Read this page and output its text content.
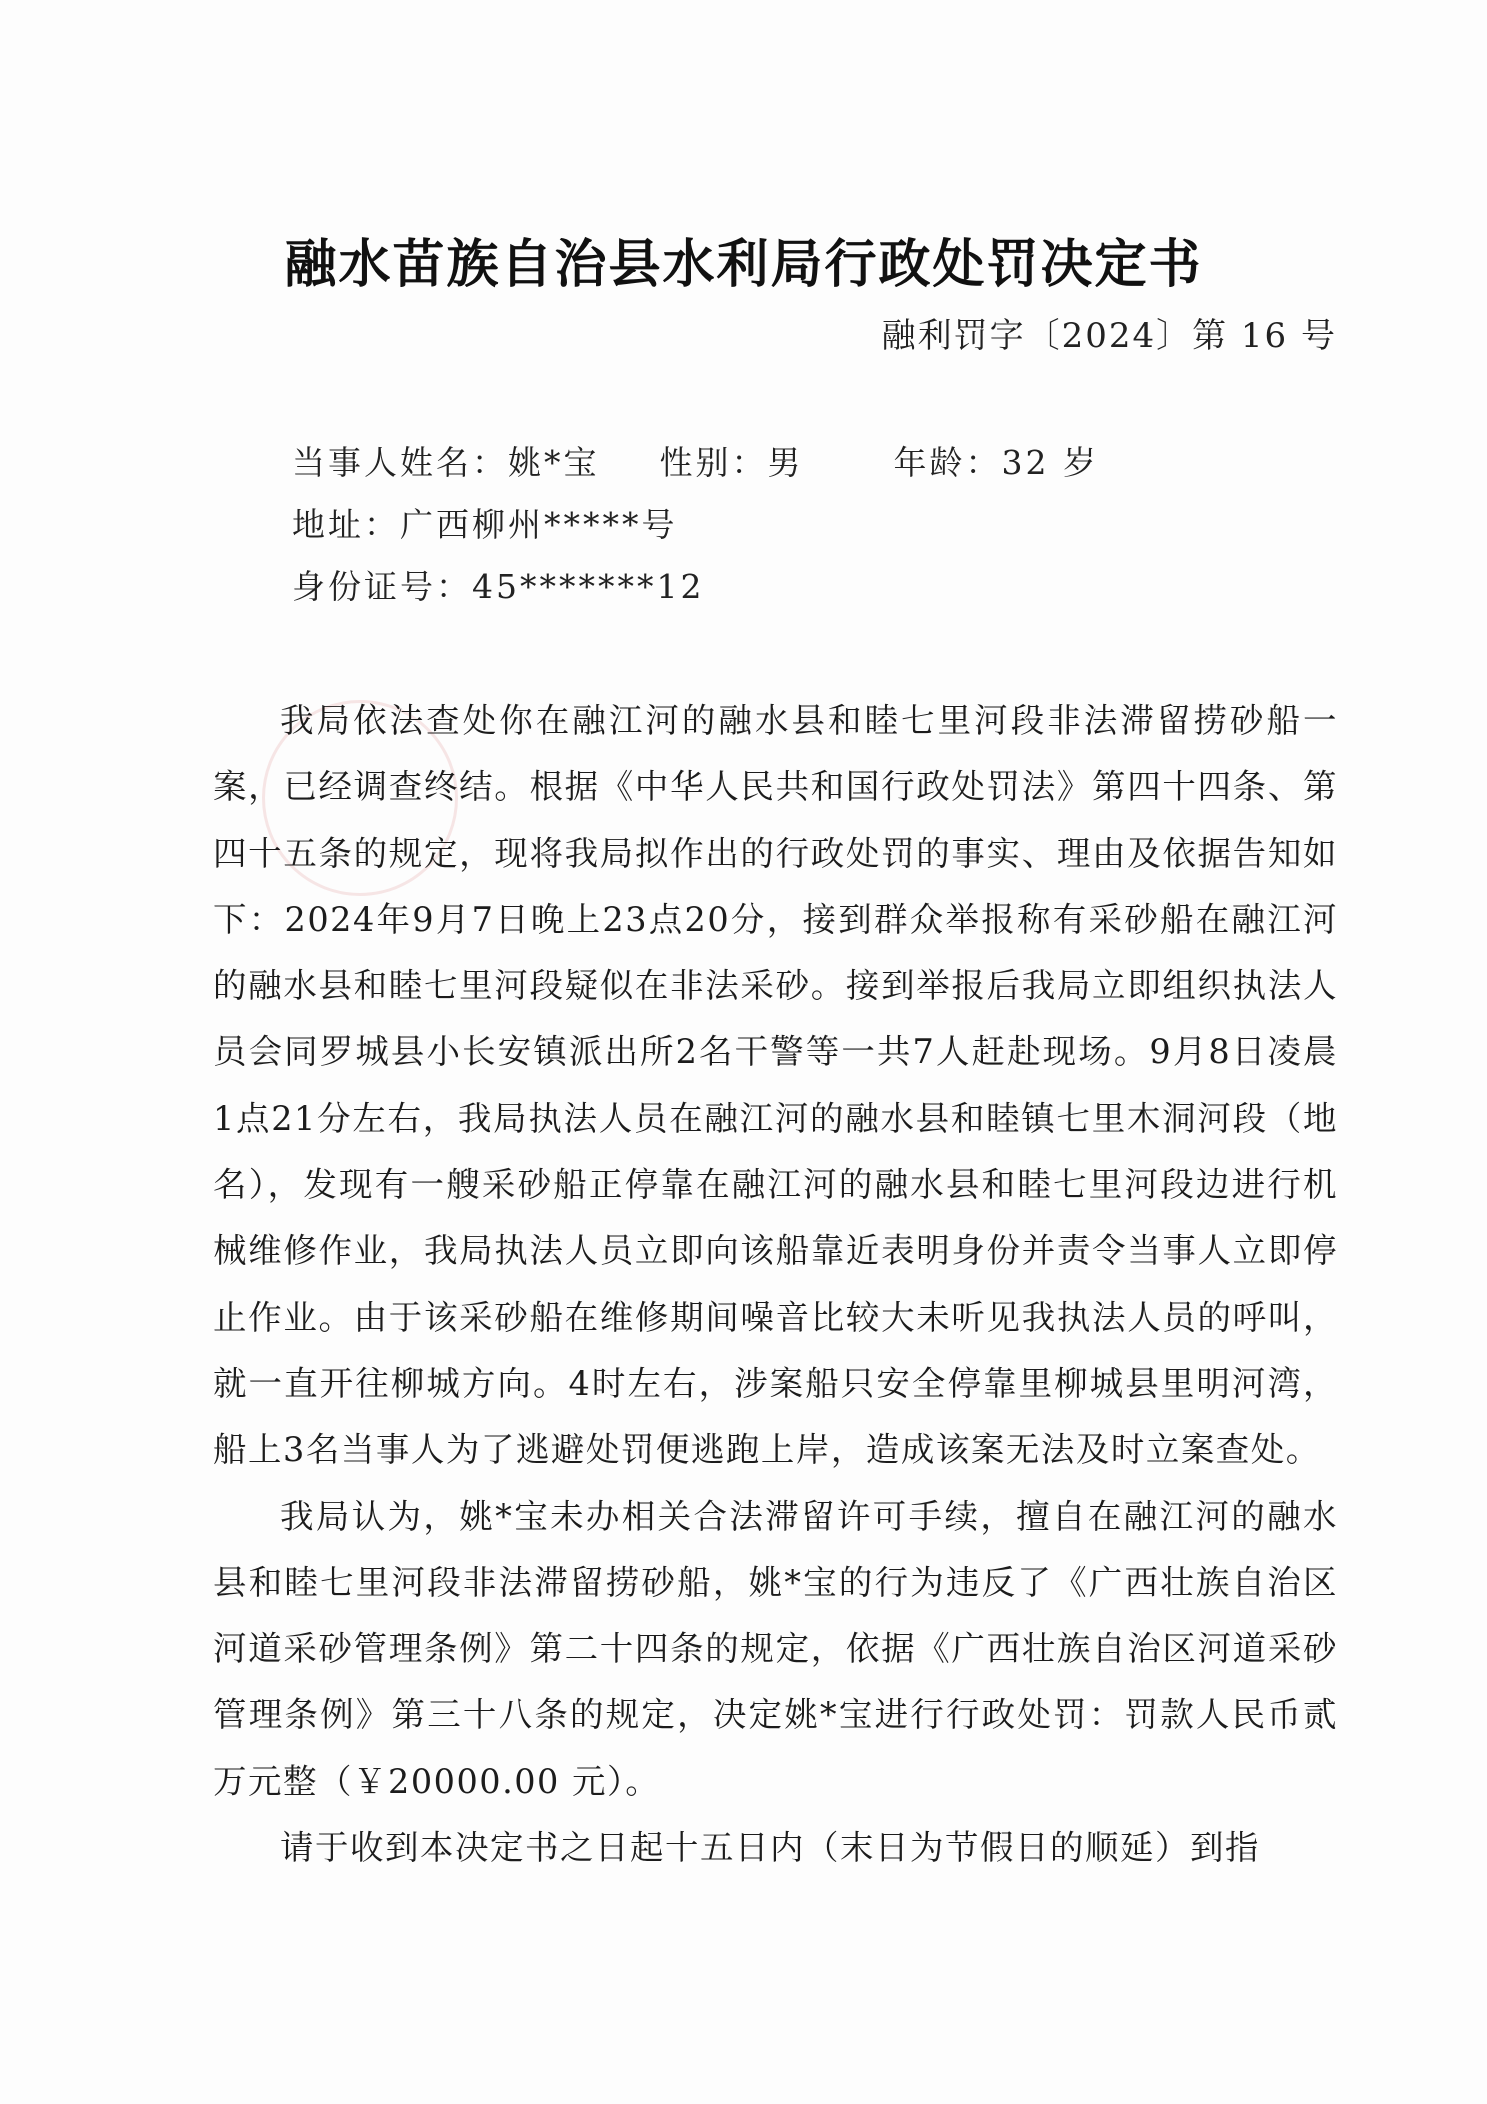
融水苗族自治县水利局行政处罚决定书
融利罚字〔2024〕第 16 号
当事人姓名：姚*宝 性别：男	年龄：32 岁
地址：广西柳州*****号
身份证号：45*******12

我局依法查处你在融江河的融水县和睦七里河段非法滞留捞砂船一案，已经调查终结。根据《中华人民共和国行政处罚法》第四十四条、第四十五条的规定，现将我局拟作出的行政处罚的事实、理由及依据告知如下：2024年9月7日晚上23点20分，接到群众举报称有采砂船在融江河的融水县和睦七里河段疑似在非法采砂。接到举报后我局立即组织执法人员会同罗城县小长安镇派出所2名干警等一共7人赶赴现场。9月8日凌晨1点21分左右，我局执法人员在融江河的融水县和睦镇七里木洞河段（地名），发现有一艘采砂船正停靠在融江河的融水县和睦七里河段边进行机械维修作业，我局执法人员立即向该船靠近表明身份并责令当事人立即停止作业。由于该采砂船在维修期间噪音比较大未听见我执法人员的呼叫，就一直开往柳城方向。4时左右，涉案船只安全停靠里柳城县里明河湾，船上3名当事人为了逃避处罚便逃跑上岸，造成该案无法及时立案查处。

我局认为，姚*宝未办相关合法滞留许可手续，擅自在融江河的融水县和睦七里河段非法滞留捞砂船，姚*宝的行为违反了《广西壮族自治区河道采砂管理条例》第二十四条的规定，依据《广西壮族自治区河道采砂管理条例》第三十八条的规定，决定姚*宝进行行政处罚：罚款人民币贰万元整（￥20000.00 元）。

请于收到本决定书之日起十五日内（末日为节假日的顺延）到指
